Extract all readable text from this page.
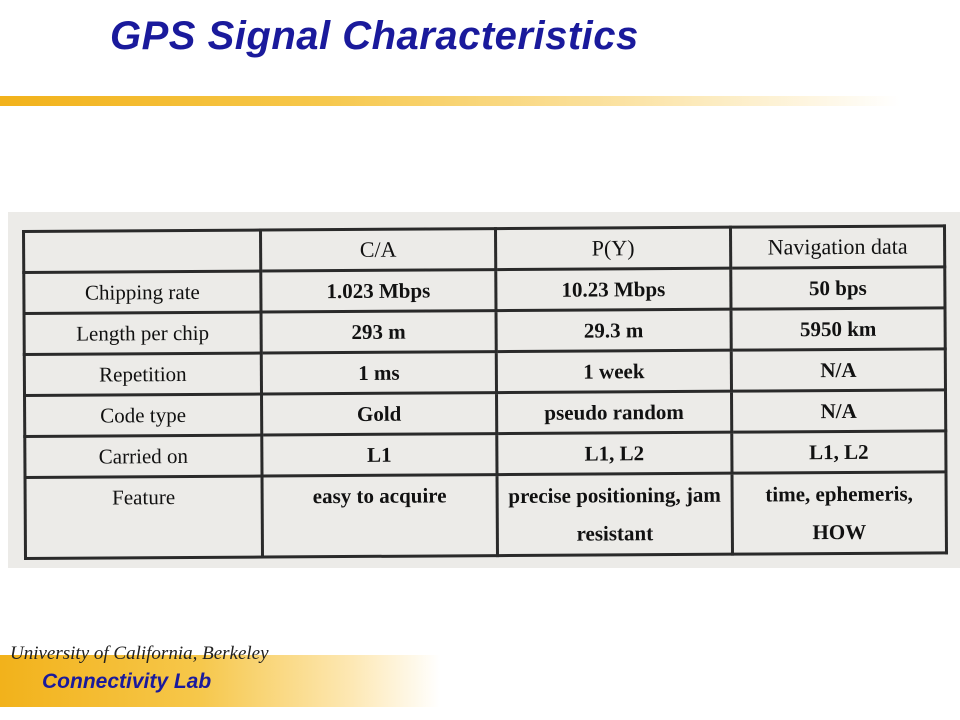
GPS Signal Characteristics
	C/A	P(Y)	Navigation data
Chipping rate	1.023 Mbps	10.23 Mbps	50 bps
Length per chip	293 m	29.3 m	5950 km
Repetition	1 ms	1 week	N/A
Code type	Gold	pseudo random	N/A
Carried on	L1	L1, L2	L1, L2
Feature	easy to acquire	precise positioning, jam resistant	time, ephemeris, HOW
University of California, Berkeley
Connectivity Lab
